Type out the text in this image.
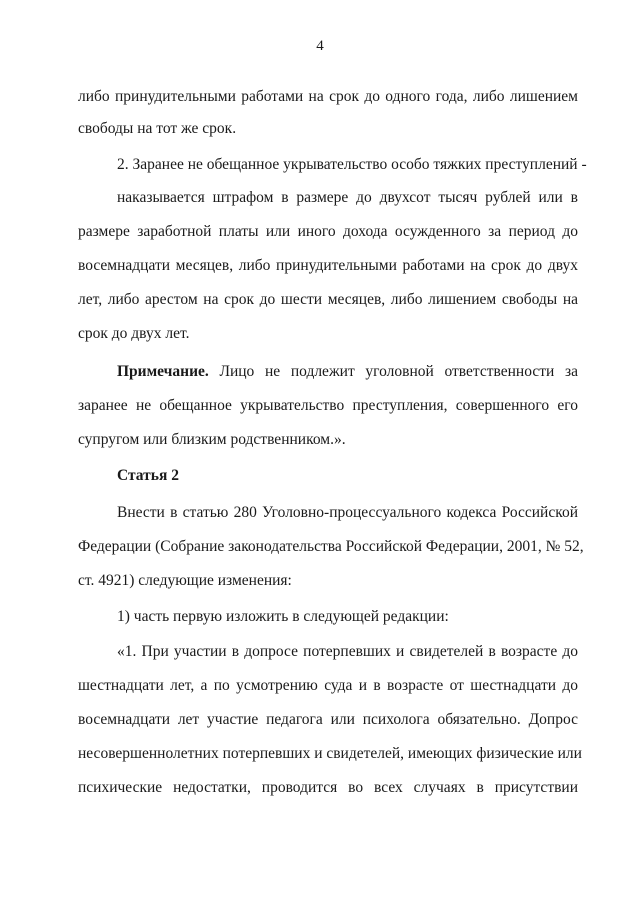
4
либо принудительными работами на срок до одного года, либо лишением
свободы на тот же срок.
2. Заранее не обещанное укрывательство особо тяжких преступлений -
наказывается штрафом в размере до двухсот тысяч рублей или в
размере заработной платы или иного дохода осужденного за период до
восемнадцати месяцев, либо принудительными работами на срок до двух
лет, либо арестом на срок до шести месяцев, либо лишением свободы на
срок до двух лет.
Примечание. Лицо не подлежит уголовной ответственности за
заранее не обещанное укрывательство преступления, совершенного его
супругом или близким родственником.».
Статья 2
Внести в статью 280 Уголовно-процессуального кодекса Российской
Федерации (Собрание законодательства Российской Федерации, 2001, № 52,
ст. 4921) следующие изменения:
1) часть первую изложить в следующей редакции:
«1. При участии в допросе потерпевших и свидетелей в возрасте до
шестнадцати лет, а по усмотрению суда и в возрасте от шестнадцати до
восемнадцати лет участие педагога или психолога обязательно. Допрос
несовершеннолетних потерпевших и свидетелей, имеющих физические или
психические недостатки, проводится во всех случаях в присутствии
